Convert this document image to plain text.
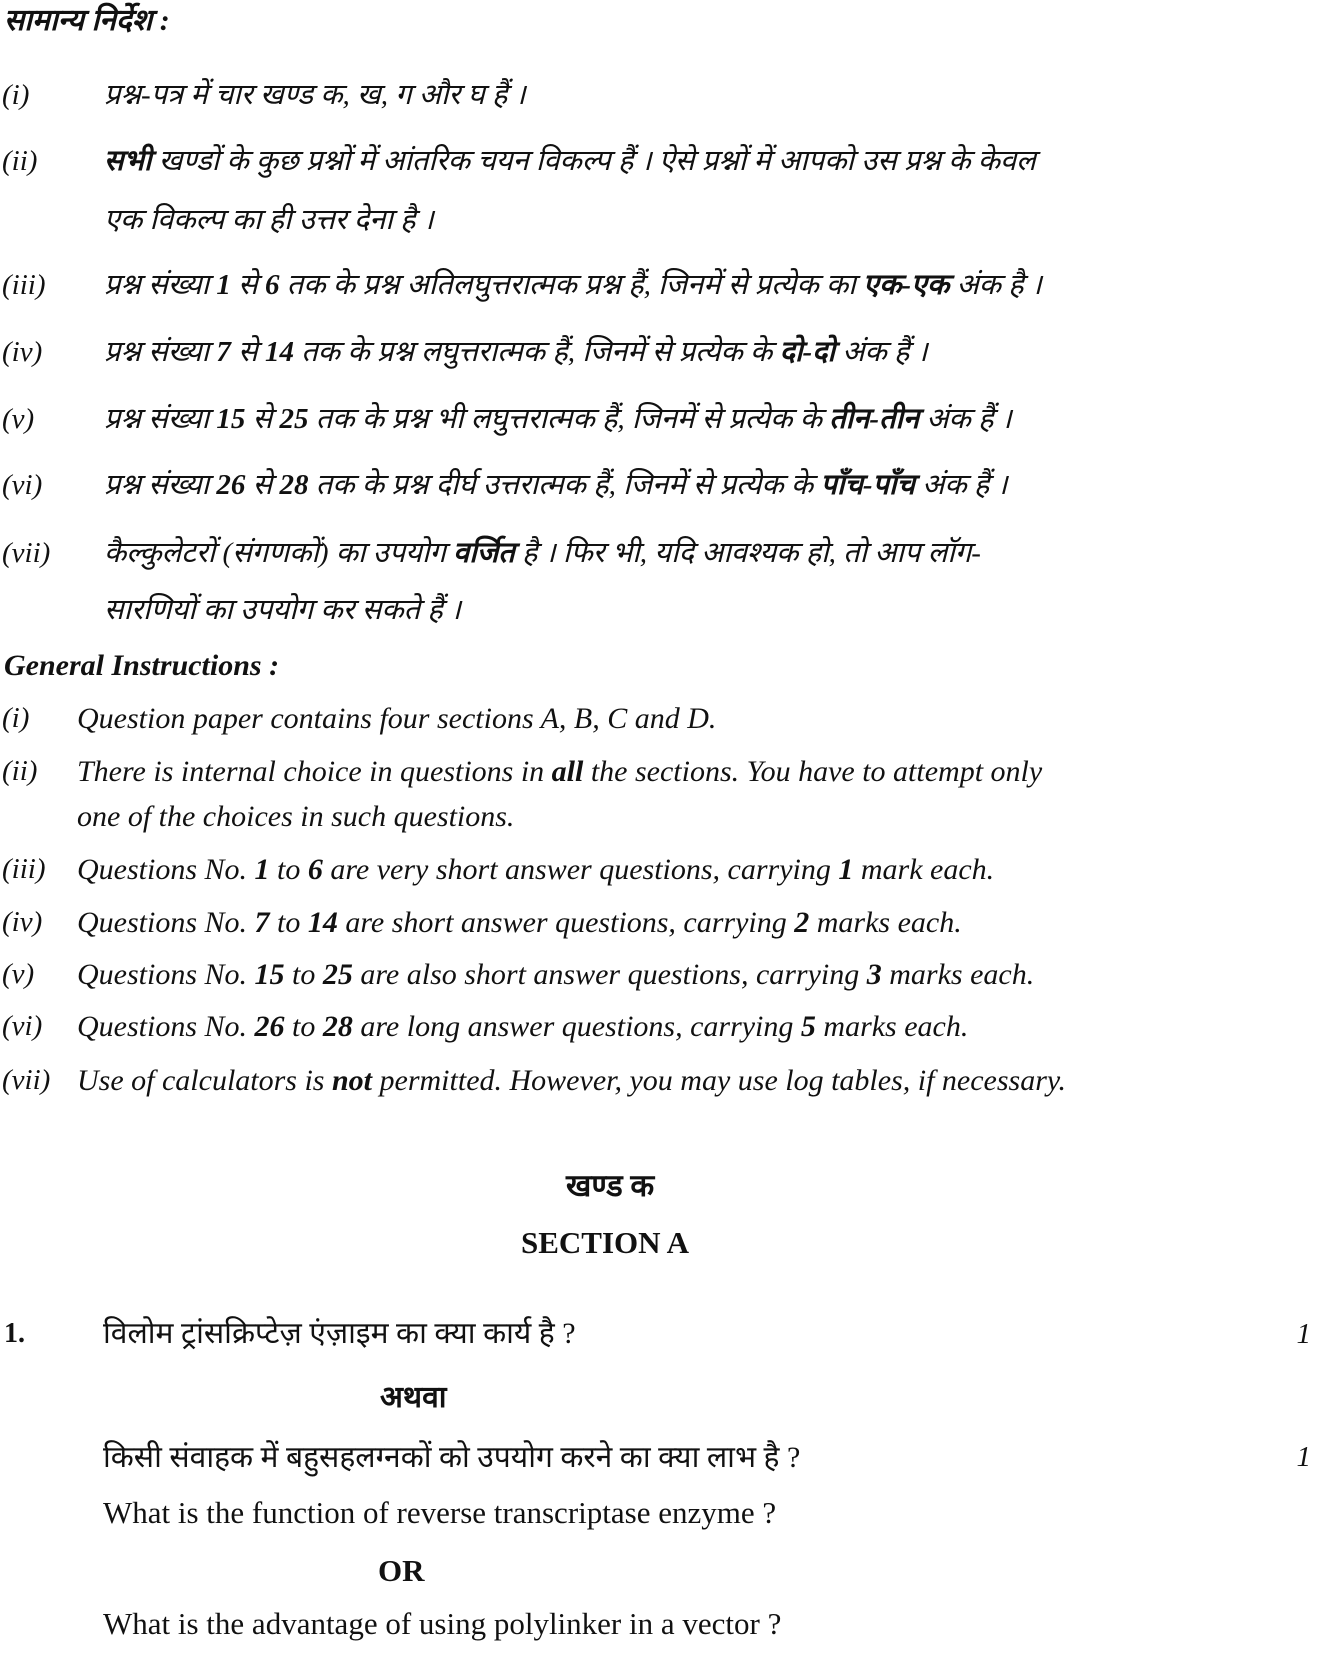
सामान्य निर्देश :
(i)	प्रश्न-पत्र में चार खण्ड क, ख, ग और घ हैं ।
(ii) सभी खण्डों के कुछ प्रश्नों में आंतरिक चयन विकल्प हैं । ऐसे प्रश्नों में आपको उस प्रश्न के केवल
एक विकल्प का ही उत्तर देना है ।
(iii) प्रश्न संख्या 1 से 6 तक के प्रश्न अतिलघुत्तरात्मक प्रश्न हैं, जिनमें से प्रत्येक का एक-एक अंक है ।
(iv) प्रश्न संख्या 7 से 14 तक के प्रश्न लघुत्तरात्मक हैं, जिनमें से प्रत्येक के दो-दो अंक हैं ।
(v) प्रश्न संख्या 15 से 25 तक के प्रश्न भी लघुत्तरात्मक हैं, जिनमें से प्रत्येक के तीन-तीन अंक हैं ।
(vi) प्रश्न संख्या 26 से 28 तक के प्रश्न दीर्घ उत्तरात्मक हैं, जिनमें से प्रत्येक के पाँच-पाँच अंक हैं ।
(vii) कैल्कुलेटरों (संगणकों) का उपयोग वर्जित है । फिर भी, यदि आवश्यक हो, तो आप लॉग-
सारणियों का उपयोग कर सकते हैं ।
General Instructions :
(i) Question paper contains four sections A, B, C and D.
(ii) There is internal choice in questions in all the sections. You have to attempt only
one of the choices in such questions.
(iii) Questions No. 1 to 6 are very short answer questions, carrying 1 mark each.
(iv) Questions No. 7 to 14 are short answer questions, carrying 2 marks each.
(v) Questions No. 15 to 25 are also short answer questions, carrying 3 marks each.
(vi) Questions No. 26 to 28 are long answer questions, carrying 5 marks each.
(vii) Use of calculators is not permitted. However, you may use log tables, if necessary.
खण्ड क
SECTION A
1.	विलोम ट्रांसक्रिप्टेज़ एंज़ाइम का क्या कार्य है ?	1
अथवा
किसी संवाहक में बहुसहलग्नकों को उपयोग करने का क्या लाभ है ?	1
What is the function of reverse transcriptase enzyme ?
OR
What is the advantage of using polylinker in a vector ?
